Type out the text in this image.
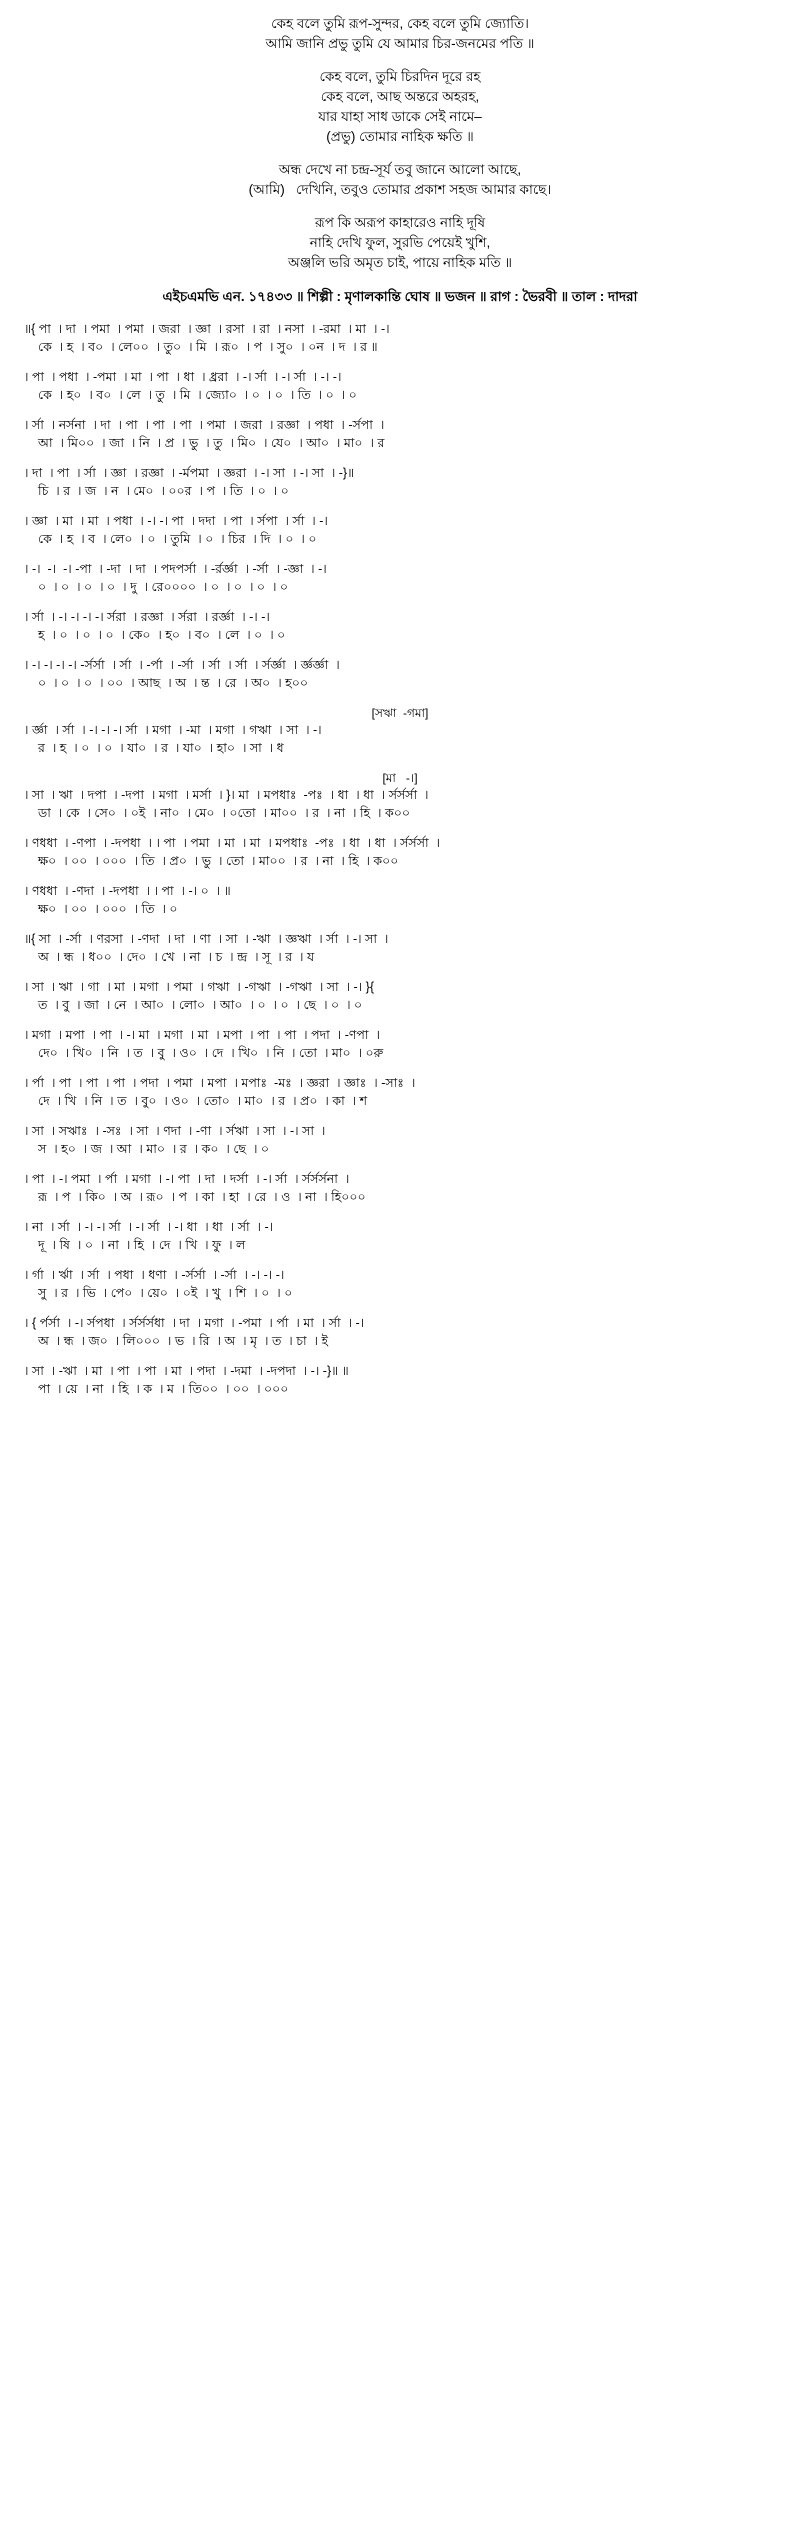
কেহ বলে তুমি রূপ-সুন্দর, কেহ বলে তুমি জ্যোতি।
আমি জানি প্রভু তুমি যে আমার চির-জনমের পতি ॥
কেহ বলে, তুমি চিরদিন দূরে রহ
কেহ বলে, আছ অন্তরে অহরহ,
যার যাহা সাধ ডাকে সেই নামে–
(প্রভু) তোমার নাহিক ক্ষতি ॥
অন্ধ দেখে না চন্দ্র-সূর্য তবু জানে আলো আছে,
(আমি)   দেখিনি, তবুও তোমার প্রকাশ সহজ আমার কাছে।
রূপ কি অরূপ কাহারেও নাহি দূষি
নাহি দেখি ফুল, সুরভি পেয়েই খুশি,
অঞ্জলি ভরি অমৃত চাই, পায়ে নাহিক মতি ॥
এইচএমভি এন. ১৭৪৩৩ ॥ শিল্পী : মৃণালকান্তি ঘোষ ॥ ভজন ॥ রাগ : ভৈরবী ॥ তাল : দাদরা
॥{ পা  । দা  । পমা  । পমা  । জরা  । জ্ঞা  । রসা  । রা  । নসা  । -রমা  । মা  । -।
কে  । হ  । ব০  । লে০০  । তু০  । মি  । রূ০  । প  । সু০  । ০ন  । দ  । র ॥
। পা  । পধা  । -পমা  । মা  । পা  । ধা  । ধ্ররা  । -। ‍র্সা  । -। ‍র্সা  । -। -।
কে  । হ০  । ব০  । লে  । তু  । মি  । জ্যো০  । ০  । ০  । তি  । ০  । ০
। ‍র্সা  । নর্সনা  । দা  । পা  । পা  । পা  । পমা  । জরা  । রজ্ঞা  । পধা  । -‍র্সপা  ।
আ  । মি০০  । জা  । নি  । প্র  । ভু  । তু  । মি০  । যে০  । আ০  । মা০  । র
। দা  । পা  । ‍র্সা  । জ্ঞা  । রজ্ঞা  । -র্মপমা  । জ্ঞরা  । -। সা  । -। সা  । -}॥
চি  । র  । জ  । ন  । মে০  । ০০র  । প  । তি  । ০  । ০
। জ্ঞা  । মা  । মা  । পধা  । -। -। পা  । দদা  । পা  । র্সপা  । ‍র্সা  । -।
কে  । হ  । ব  । লে০  । ০  । তুমি  । ০  । চির  । দি  । ০  । ০
। -।  -।  -। -পা  । -দা  । দা  । পদপর্সা  । -র্রর্জ্ঞা  । -‍র্সা  । -জ্ঞা  । -।
০  । ০  । ০  । ০  । দু  । রে০০০০  । ০  । ০  । ০  । ০
। ‍র্সা  । -। -। -। -। র্সরা  । রজ্ঞা  । ‍র্সরা  । রর্জ্ঞা  । -। -।
হ  । ০  । ০  । ০  । কে০  । হ০  । ব০  । লে  । ০  । ০
। -। -। -। -। -র্সর্সা  । ‍র্সা  । -র্পা  । -‍র্সা  । ‍র্সা  । ‍র্সা  । ‍র্সর্জ্ঞা  । র্জ্ঞর্জ্ঞা  ।
০  । ০  । ০  । ০০  । আছ  । অ  । ন্ত  । রে  । অ০  । হ০০
[সঋা  -গমা]
। ‍র্জ্ঞা  । ‍র্সা  । -। -। -। র্সা  । মগা  । -মা  । মগা  । গঋা  । সা  । -।
র  । হ  । ০  । ০  । যা০  । র  । যা০  । হা০  । সা  । ধ
[মা   -।]
। সা  । ঋা  । দপা  । -দপা  । মগা  । মর্সা  । }। মা  । মপধাঃ  -পঃ  । ধা  । ধা  । ‍র্সর্সর্সা  ।
ডা  । কে  । সে০  । ০ই  । না০  । মে০  । ০তো  । মা০০  । র  । না  । হি  । ক০০
। ণধধা  । -ণপা  । -দপধা  । । পা  । পমা  । মা  । মা  । মপধাঃ  -পঃ  । ধা  । ধা  । ‍র্সর্সর্সা  ।
ক্ষ০  । ০০  । ০০০  । তি  । প্র০  । ভু  । তো  । মা০০  । র  । না  । হি  । ক০০
। ণধধা  । -ণদা  । -দপধা  । । পা  । -। ০  । ॥
ক্ষ০  । ০০  । ০০০  । তি  । ০
॥{ সা  । -‍র্সা  । ণরসা  । -ণদা  । দা  । ণা  । সা  । -ঋা  । জ্ঞঋা  । ‍র্সা  । -। সা  ।
অ  । ন্ধ  । ধ০০  । দে০  । খে  । না  । চ  । ন্দ্র  । সূ  । র  । য
। সা  । ঋা  । গা  । মা  । মগা  । পমা  । গঋা  । -গঋা  । -গঋা  । সা  । -। }{
ত  । বু  । জা  । নে  । আ০  । লো০  । আ০  । ০  । ০  । ছে  । ০  । ০
। মগা  । মপা  । পা  । -। মা  । মগা  । মা  । মপা  । পা  । পা  । পদা  । -ণপা  ।
দে০  । খি০  । নি  । ত  । বু  । ও০  । দে  । খি০  । নি  । তো  । মা০  । ০রু
। ‍র্পা  । পা  । পা  । পা  । পদা  । পমা  । মপা  । মপাঃ  -মঃ  । জ্ঞরা  । জ্ঞাঃ  । -সাঃ  ।
দে  । খি  । নি  । ত  । বু০  । ও০  । তো০  । মা০  । র  । প্র০  । কা  । শ
। সা  । সঋাঃ  । -সঃ  । সা  । ণদা  । -ণা  । ‍র্সঋা  । সা  । -। সা  ।
স  । হ০  । জ  । আ  । মা০  । র  । ক০  । ছে  । ০
। পা  । -। পমা  । ‍র্পা  । মগা  । -। পা  । দা  । দর্সা  । -। ‍র্সা  । ‍র্সর্সর্সনা  ।
রূ  । প  । কি০  । অ  । রূ০  । প  । কা  । হা  । রে  । ও  । না  । হি০০০
। না  । ‍র্সা  । -। -। ‍র্সা  । -। ‍র্সা  । -। ধা  । ধা  । ‍র্সা  । -।
দূ  । ষি  । ০  । না  । হি  । দে  । খি  । ফু  । ল
। ‍র্গা  । ‍র্ঋা  । ‍র্সা  । পধা  । ধণা  । -‍র্সর্সা  । -‍র্সা  । -। -। -।
সু  । র  । ভি  । পে০  । য়ে০  । ০ই  । খু  । শি  । ০  । ০
। { র্পর্সা  । -। ‍র্সপধা  । ‍র্সর্সর্সধা  । দা  । মগা  । -পমা  । ‍র্পা  । মা  । ‍র্সা  । -।
অ  । ন্ধ  । জ০  । লি০০০  । ভ  । রি  । অ  । মৃ  । ত  । চা  । ই
। সা  । -ঋা  । মা  । পা  । পা  । মা  । পদা  । -দমা  । -দপদা  । -। -}॥ ॥
পা  । য়ে  । না  । হি  । ক  । ম  । তি০০  । ০০  । ০০০
